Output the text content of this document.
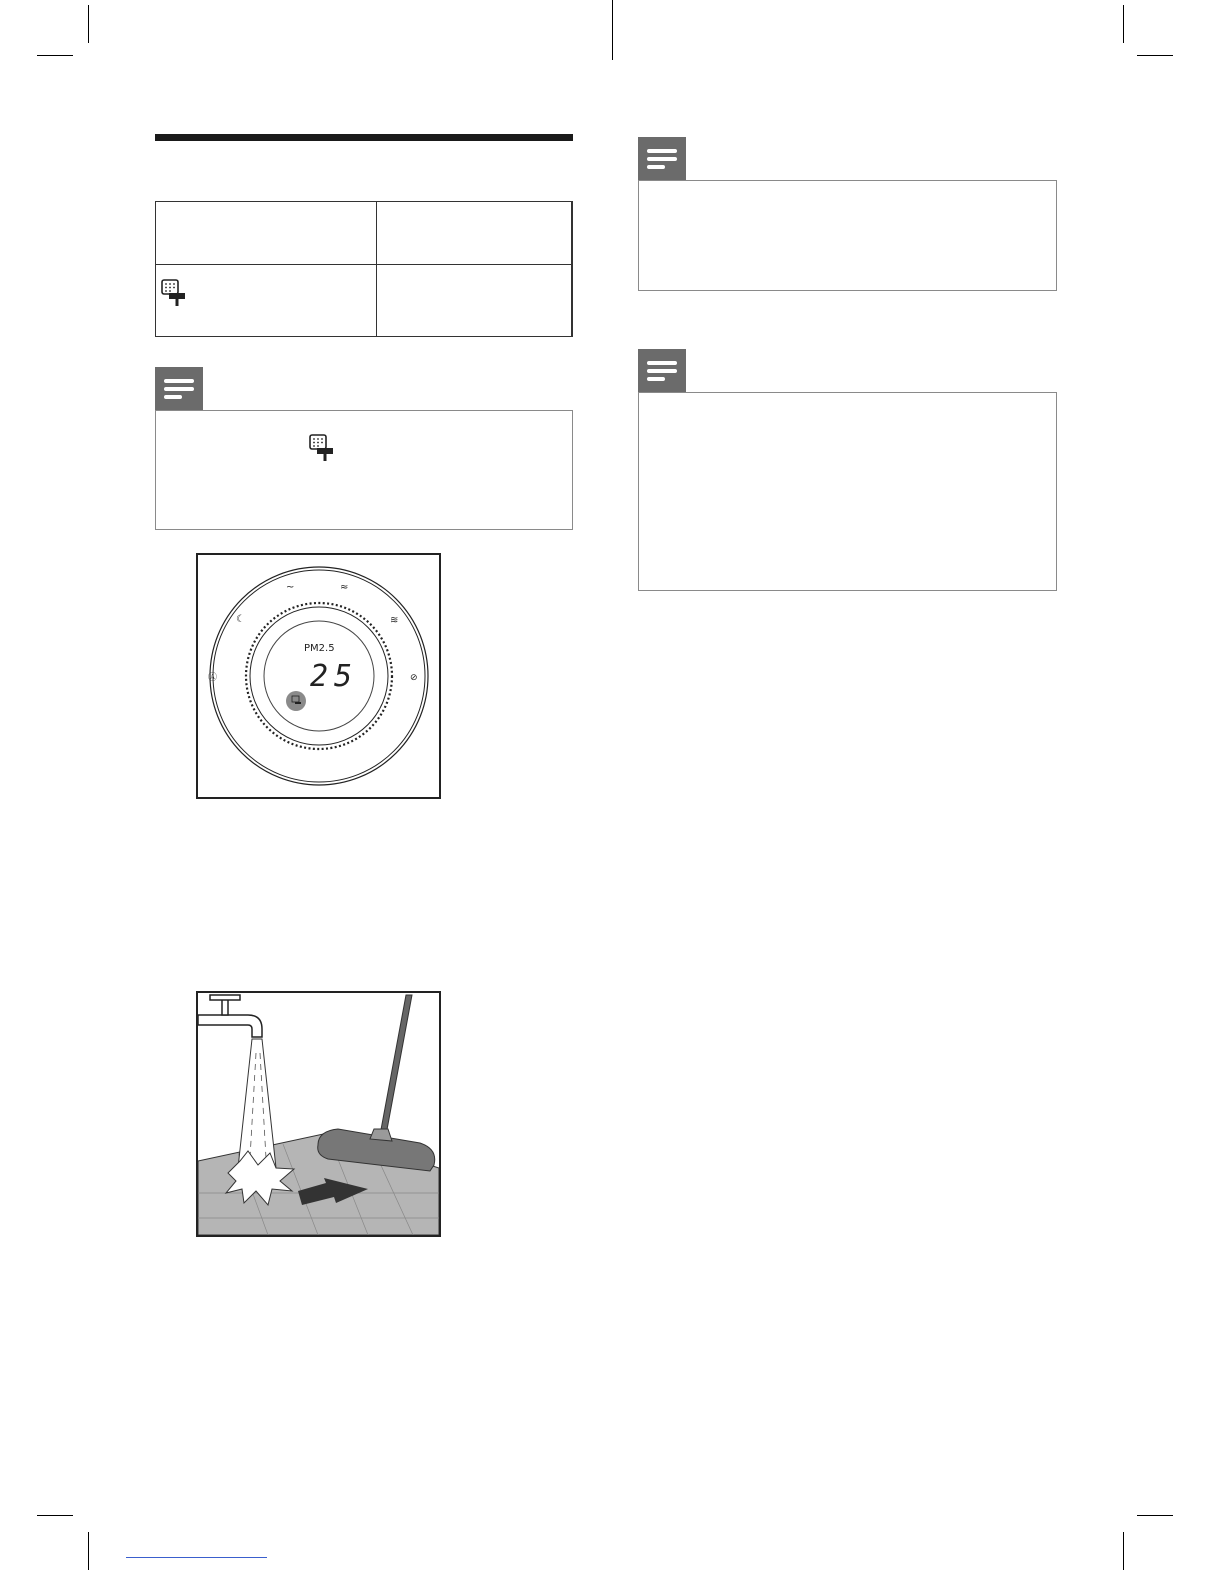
Ⓐ	⊘
☾
~	≈
≋
PM2.5
25
